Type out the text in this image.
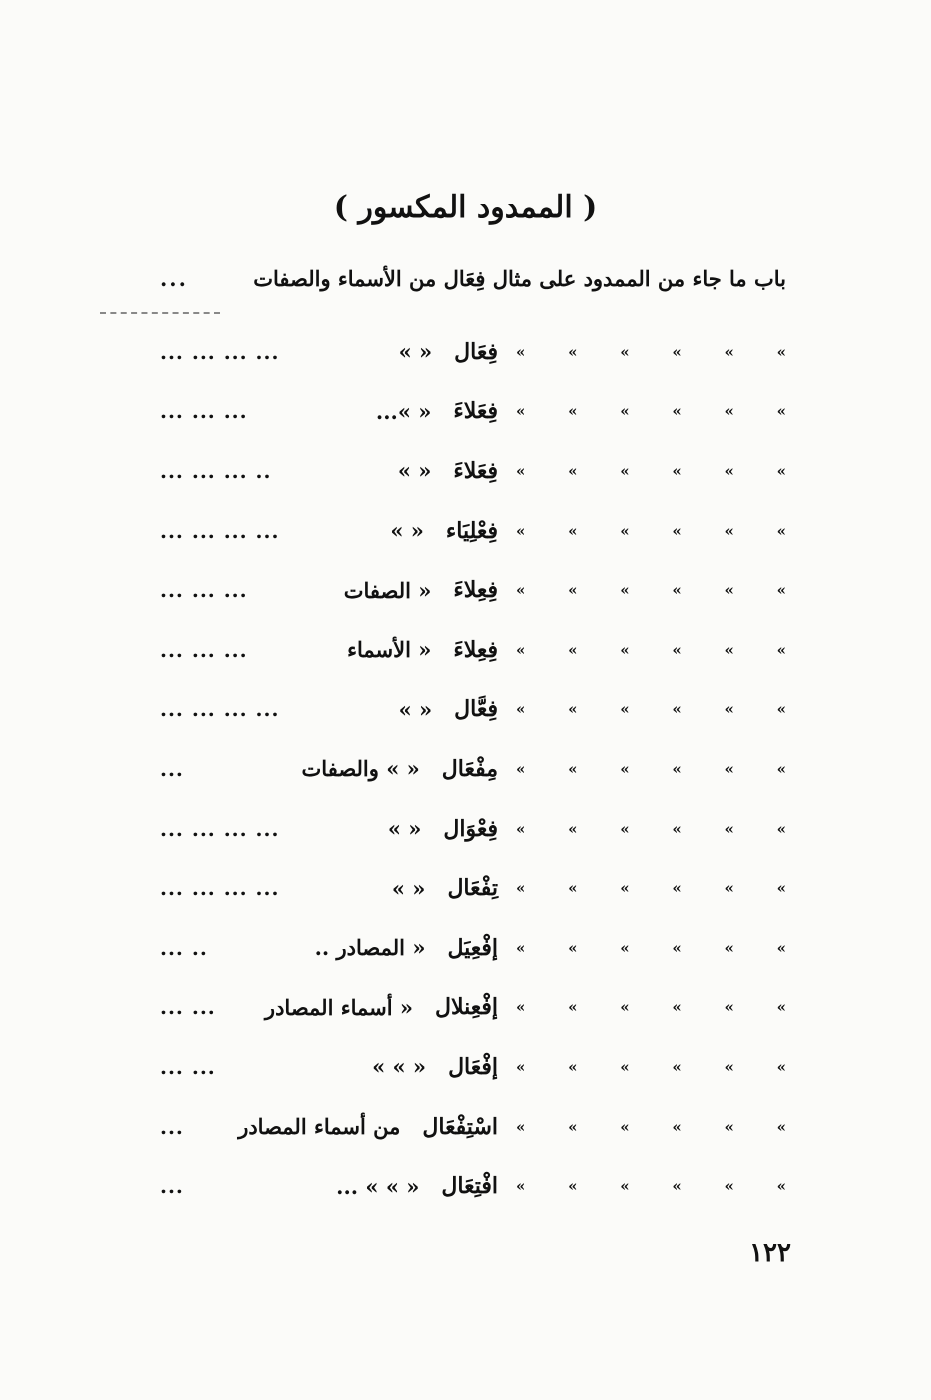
( الممدود المكسور )
باب ما جاء من الممدود على مثال فِعَال من الأسماء والصفات
...
»
»
»
»
»
»
فِعَال
« »
... ... ... ...
»
»
»
»
»
»
فِعَلاءَ
« »...
... ... ...
»
»
»
»
»
»
فِعَلاءَ
« »
... ... ... ..
»
»
»
»
»
»
فِعْلِيَاء
« »
... ... ... ...
»
»
»
»
»
»
فِعِلاءَ
« الصفات
... ... ...
»
»
»
»
»
»
فِعِلاءَ
« الأسماء
... ... ...
»
»
»
»
»
»
فِعَّال
« »
... ... ... ...
»
»
»
»
»
»
مِفْعَال
« » والصفات
...
»
»
»
»
»
»
فِعْوَال
« »
... ... ... ...
»
»
»
»
»
»
تِفْعَال
« »
... ... ... ...
»
»
»
»
»
»
إفْعِيَل
« المصادر ..
... ..
»
»
»
»
»
»
إفْعِنلال
« أسماء المصادر
... ...
»
»
»
»
»
»
إفْعَال
« » »
... ...
»
»
»
»
»
»
اسْتِفْعَال
من أسماء المصادر
...
»
»
»
»
»
»
افْتِعَال
« » » ...
...
١٢٢
